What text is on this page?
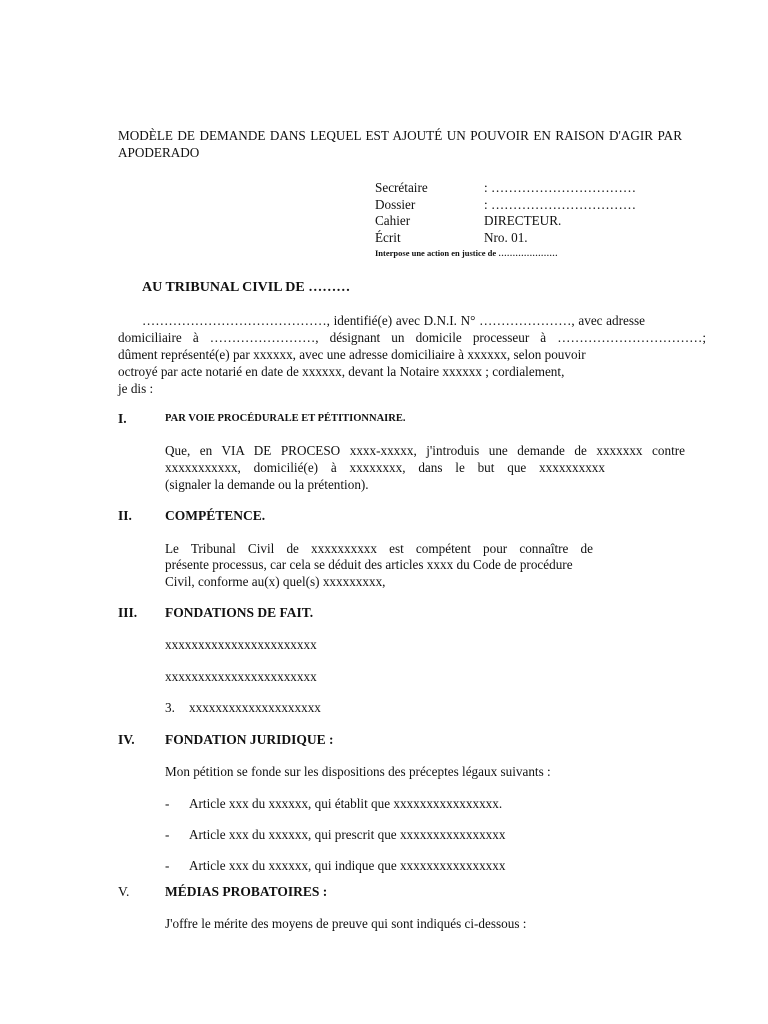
MODÈLE DE DEMANDE DANS LEQUEL EST AJOUTÉ UN POUVOIR EN RAISON D'AGIR PAR
APODERADO
Secrétaire	: ……………………………
Dossier	: ……………………………
Cahier	DIRECTEUR.
Écrit	Nro. 01.
Interpose une action en justice de …………………
AU TRIBUNAL CIVIL DE ………
……………………………………, identifié(e) avec D.N.I. N° …………………, avec adresse
domiciliaire à ……………………, désignant un domicile processeur à ……………………………;
dûment représenté(e) par xxxxxx, avec une adresse domiciliaire à xxxxxx, selon pouvoir
octroyé par acte notarié en date de xxxxxx, devant la Notaire xxxxxx ; cordialement,
je dis :
I.	PAR VOIE PROCÉDURALE ET PÉTITIONNAIRE.
Que, en VIA DE PROCESO xxxx-xxxxx, j'introduis une demande de xxxxxxx contre
xxxxxxxxxxx, domicilié(e) à xxxxxxxx, dans le but que xxxxxxxxxx
(signaler la demande ou la prétention).
II. COMPÉTENCE.
Le Tribunal Civil de xxxxxxxxxx est compétent pour connaître de
présente processus, car cela se déduit des articles xxxx du Code de procédure
Civil, conforme au(x) quel(s) xxxxxxxxx,
III. FONDATIONS DE FAIT.
xxxxxxxxxxxxxxxxxxxxxxx
xxxxxxxxxxxxxxxxxxxxxxx
3. xxxxxxxxxxxxxxxxxxxx
IV. FONDATION JURIDIQUE :
Mon pétition se fonde sur les dispositions des préceptes légaux suivants :
- Article xxx du xxxxxx, qui établit que xxxxxxxxxxxxxxxx.
- Article xxx du xxxxxx, qui prescrit que xxxxxxxxxxxxxxxx
- Article xxx du xxxxxx, qui indique que xxxxxxxxxxxxxxxx
V.	MÉDIAS PROBATOIRES :
J'offre le mérite des moyens de preuve qui sont indiqués ci-dessous :
